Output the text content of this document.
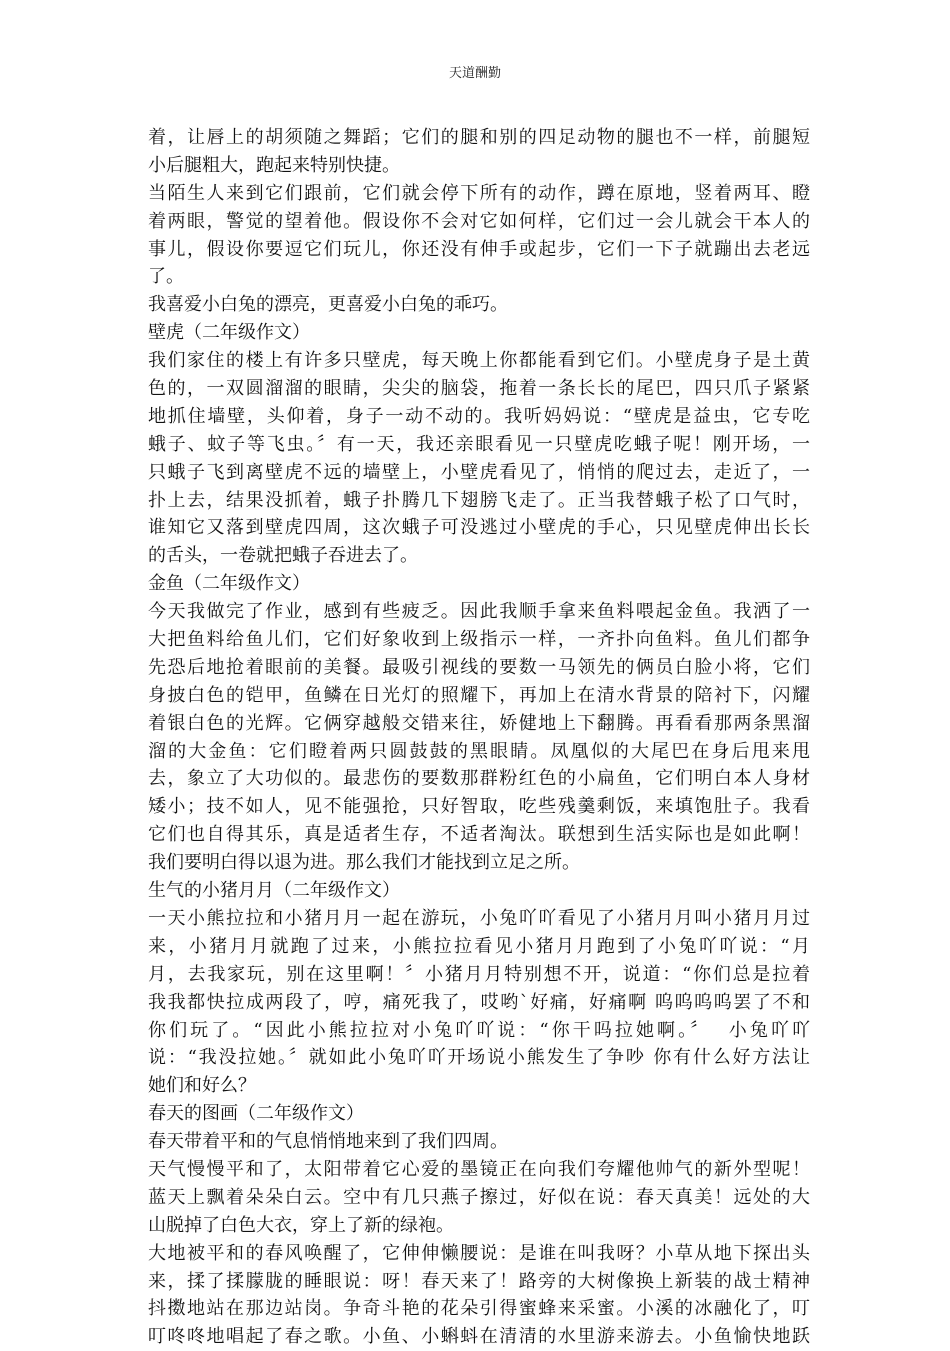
天道酬勤
着，让唇上的胡须随之舞蹈；它们的腿和别的四足动物的腿也不一样，前腿短
小后腿粗大，跑起来特别快捷。
当陌生人来到它们跟前，它们就会停下所有的动作，蹲在原地，竖着两耳、瞪
着两眼，警觉的望着他。假设你不会对它如何样，它们过一会儿就会干本人的
事儿，假设你要逗它们玩儿，你还没有伸手或起步，它们一下子就蹦出去老远
了。
我喜爱小白兔的漂亮，更喜爱小白兔的乖巧。
壁虎（二年级作文）
我们家住的楼上有许多只壁虎，每天晚上你都能看到它们。小壁虎身子是土黄
色的，一双圆溜溜的眼睛，尖尖的脑袋，拖着一条长长的尾巴，四只爪子紧紧
地抓住墙壁，头仰着，身子一动不动的。我听妈妈说：“壁虎是益虫，它专吃
蛾子、蚊子等飞虫。〞有一天，我还亲眼看见一只壁虎吃蛾子呢！刚开场，一
只蛾子飞到离壁虎不远的墙壁上，小壁虎看见了，悄悄的爬过去，走近了，一
扑上去，结果没抓着，蛾子扑腾几下翅膀飞走了。正当我替蛾子松了口气时，
谁知它又落到壁虎四周，这次蛾子可没逃过小壁虎的手心，只见壁虎伸出长长
的舌头，一卷就把蛾子吞进去了。
金鱼（二年级作文）
今天我做完了作业，感到有些疲乏。因此我顺手拿来鱼料喂起金鱼。我洒了一
大把鱼料给鱼儿们，它们好象收到上级指示一样，一齐扑向鱼料。鱼儿们都争
先恐后地抢着眼前的美餐。最吸引视线的要数一马领先的俩员白脸小将，它们
身披白色的铠甲，鱼鳞在日光灯的照耀下，再加上在清水背景的陪衬下，闪耀
着银白色的光辉。它俩穿越般交错来往，娇健地上下翻腾。再看看那两条黑溜
溜的大金鱼：它们瞪着两只圆鼓鼓的黑眼睛。凤凰似的大尾巴在身后甩来甩
去，象立了大功似的。最悲伤的要数那群粉红色的小扁鱼，它们明白本人身材
矮小；技不如人，见不能强抢，只好智取，吃些残羹剩饭，来填饱肚子。我看
它们也自得其乐，真是适者生存，不适者淘汰。联想到生活实际也是如此啊！
我们要明白得以退为进。那么我们才能找到立足之所。
生气的小猪月月（二年级作文）
一天小熊拉拉和小猪月月一起在游玩，小兔吖吖看见了小猪月月叫小猪月月过
来，小猪月月就跑了过来，小熊拉拉看见小猪月月跑到了小兔吖吖说：“月
月，去我家玩，别在这里啊！〞小猪月月特别想不开，说道：“你们总是拉着
我我都快拉成两段了，哼，痛死我了，哎哟`好痛，好痛啊 呜呜呜呜罢了不和
你们玩了。“因此小熊拉拉对小兔吖吖说：“你干吗拉她啊。〞  小兔吖吖
说：“我没拉她。〞就如此小兔吖吖开场说小熊发生了争吵 你有什么好方法让
她们和好么？
春天的图画（二年级作文）
春天带着平和的气息悄悄地来到了我们四周。
天气慢慢平和了，太阳带着它心爱的墨镜正在向我们夸耀他帅气的新外型呢！
蓝天上飘着朵朵白云。空中有几只燕子擦过，好似在说：春天真美！远处的大
山脱掉了白色大衣，穿上了新的绿袍。
大地被平和的春风唤醒了，它伸伸懒腰说：是谁在叫我呀？小草从地下探出头
来，揉了揉朦胧的睡眼说：呀！春天来了！路旁的大树像换上新装的战士精神
抖擞地站在那边站岗。争奇斗艳的花朵引得蜜蜂来采蜜。小溪的冰融化了，叮
叮咚咚地唱起了春之歌。小鱼、小蝌蚪在清清的水里游来游去。小鱼愉快地跃
